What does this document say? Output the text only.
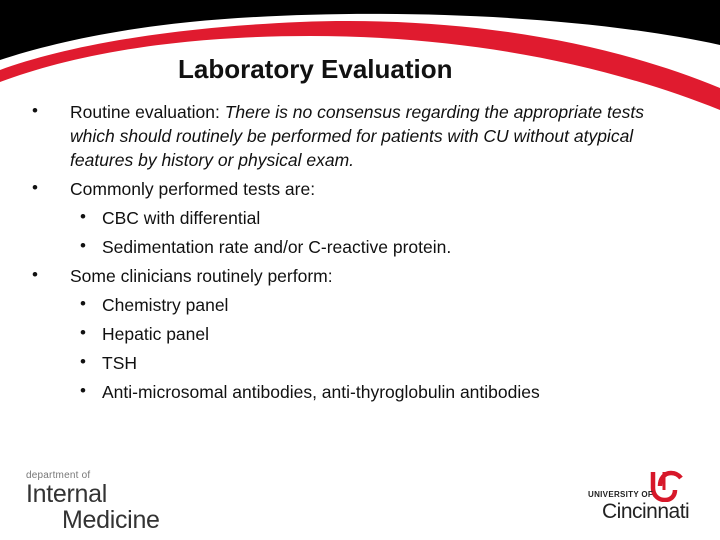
Laboratory Evaluation
• Routine evaluation: There is no consensus regarding the appropriate tests
which should routinely be performed for patients with CU without atypical
features by history or physical exam.
• Commonly performed tests are:
• CBC with differential
• Sedimentation rate and/or C-reactive protein.
• Some clinicians routinely perform:
• Chemistry panel
• Hepatic panel
• TSH
• Anti-microsomal antibodies, anti-thyroglobulin antibodies
department of
Internal
Medicine
UNIVERSITY OF
Cincinnati
